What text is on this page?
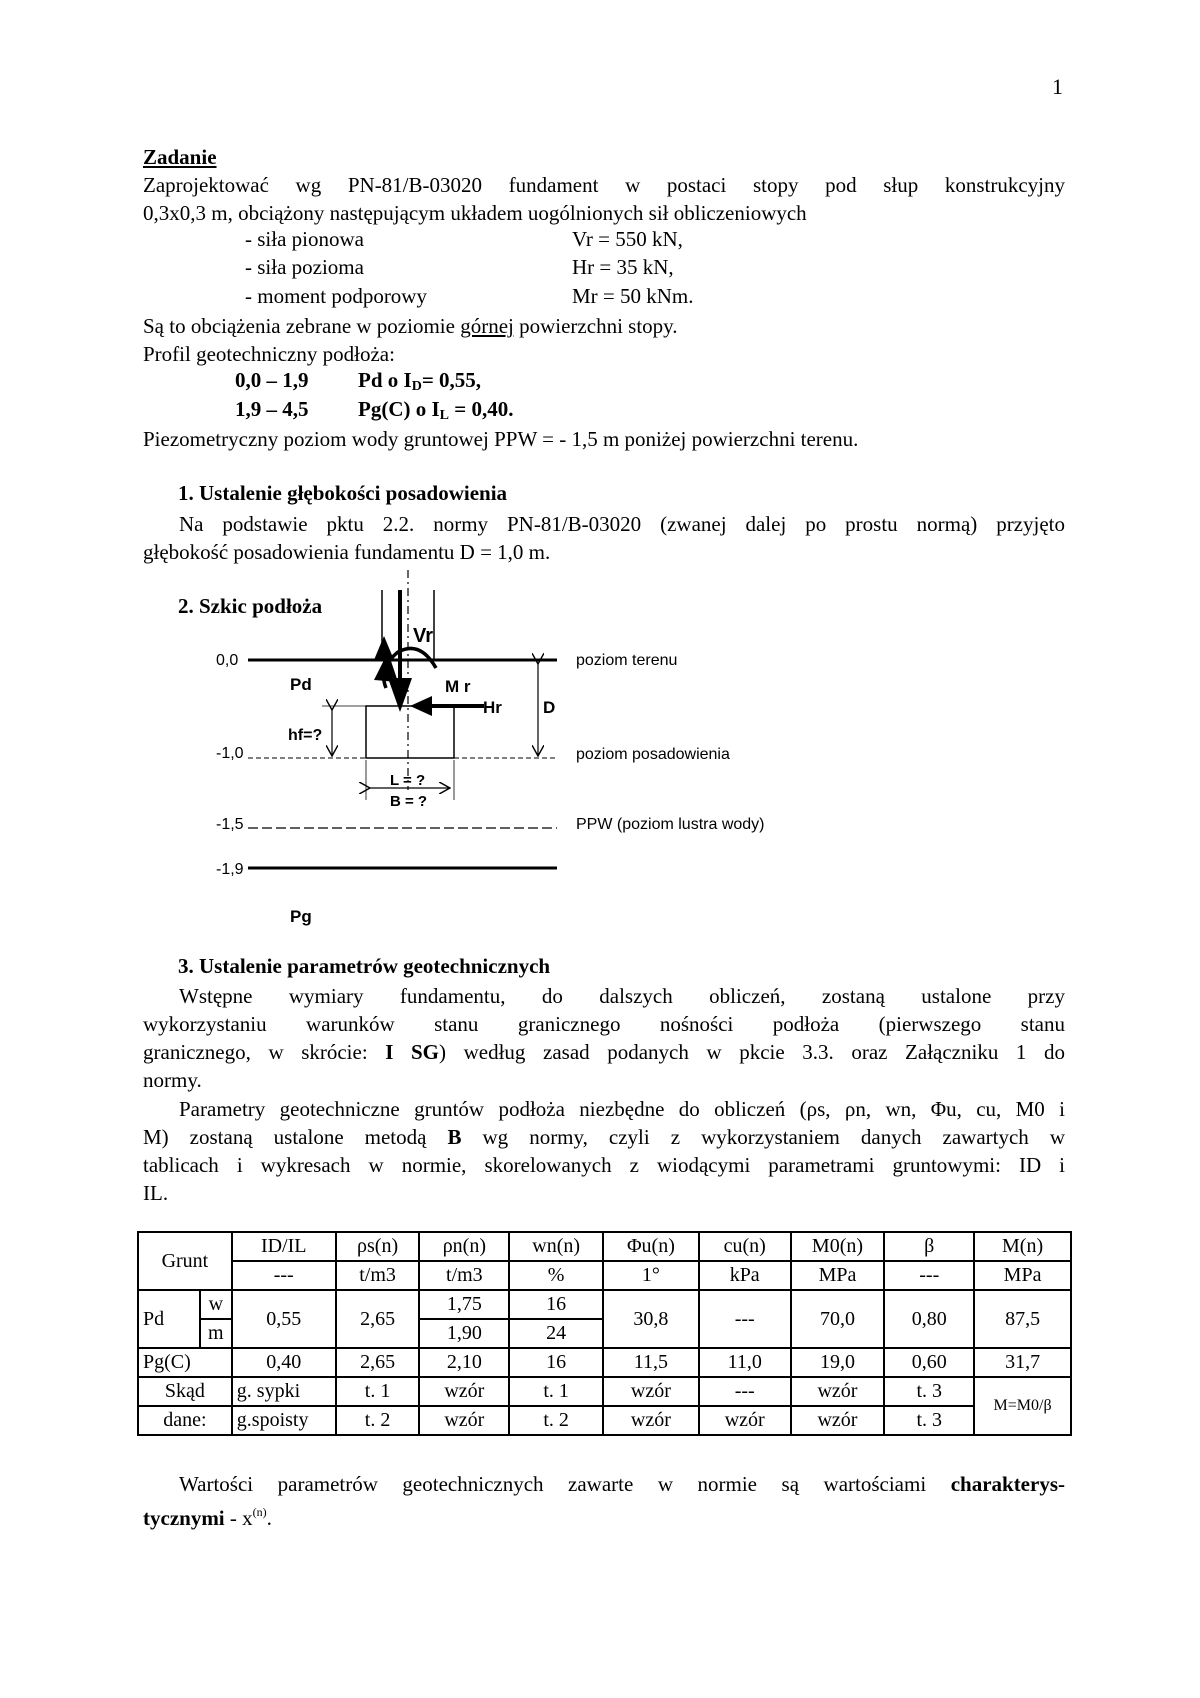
1
Zadanie
Zaprojektować wg PN-81/B-03020 fundament w postaci stopy pod słup konstrukcyjny
0,3x0,3 m, obciążony następującym układem uogólnionych sił obliczeniowych
- siła pionowa	Vr = 550 kN,
- siła pozioma	Hr = 35 kN,
- moment podporowy	Mr = 50 kNm.
Są to obciążenia zebrane w poziomie górnej powierzchni stopy.
Profil geotechniczny podłoża:
0,0 – 1,9 Pd o $I_D= 0,55$,
1,9 – 4,5 Pg(C) o $I_L = 0,40$.
Piezometryczny poziom wody gruntowej PPW = - 1,5 m poniżej powierzchni terenu.
1. Ustalenie głębokości posadowienia
Na podstawie pktu 2.2. normy PN-81/B-03020 (zwanej dalej po prostu normą) przyjęto
głębokość posadowienia fundamentu D = 1,0 m.
2. Szkic podłoża
Vr
M r
Hr D
Pd
Pg
hf=?
L = ?
B = ?
0,0
-1,0
-1,5
-1,9
poziom terenu
poziom posadowienia
PPW (poziom lustra wody)
3. Ustalenie parametrów geotechnicznych
Wstępne wymiary fundamentu, do dalszych obliczeń, zostaną ustalone przy
wykorzystaniu warunków stanu granicznego nośności podłoża (pierwszego stanu
granicznego, w skrócie: I SG) według zasad podanych w pkcie 3.3. oraz Załączniku 1 do
normy.
Parametry geotechniczne gruntów podłoża niezbędne do obliczeń (ρs, ρn, wn, Φu, cu, M0 i
M) zostaną ustalone metodą B wg normy, czyli z wykorzystaniem danych zawartych w
tablicach i wykresach w normie, skorelowanych z wiodącymi parametrami gruntowymi: ID i
IL.
Grunt		ID/IL	ρs(n)	ρn(n)	wn(n)	Φu(n)	cu(n)	M0(n)	β	M(n)
		---	t/m3	t/m3	%	1°	kPa	MPa	---	MPa
Pd	w	0,55	2,65	1,75	16	30,8	---	70,0	0,80	87,5
	m			1,90	24					
Pg(C)		0,40	2,65	2,10	16	11,5	11,0	19,0	0,60	31,7
Skąd		g. sypki	t. 1	wzór	t. 1	wzór	---	wzór	t. 3	M=M0/β
dane:		g.spoisty	t. 2	wzór	t. 2	wzór	wzór	wzór	t. 3	
Wartości parametrów geotechnicznych zawarte w normie są wartościami charakterys-
tycznymi - $x^{(n)}$.
